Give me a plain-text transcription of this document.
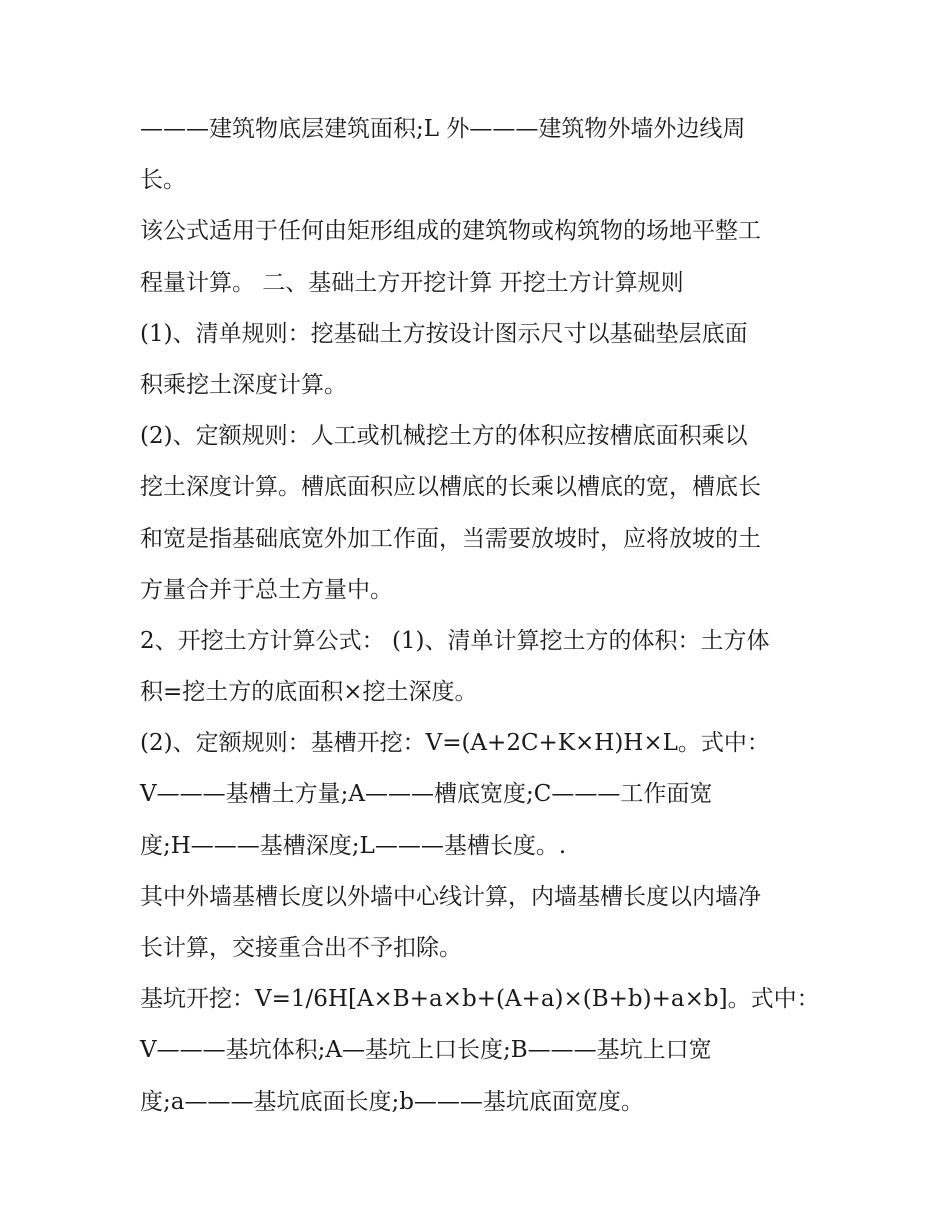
———建筑物底层建筑面积;L 外———建筑物外墙外边线周
长。
该公式适用于任何由矩形组成的建筑物或构筑物的场地平整工
程量计算。 二、基础土方开挖计算 开挖土方计算规则
(1)、清单规则：挖基础土方按设计图示尺寸以基础垫层底面
积乘挖土深度计算。
(2)、定额规则：人工或机械挖土方的体积应按槽底面积乘以
挖土深度计算。槽底面积应以槽底的长乘以槽底的宽，槽底长
和宽是指基础底宽外加工作面，当需要放坡时，应将放坡的土
方量合并于总土方量中。
2、开挖土方计算公式： (1)、清单计算挖土方的体积：土方体
积=挖土方的底面积×挖土深度。
(2)、定额规则：基槽开挖：V=(A+2C+K×H)H×L。式中：
V———基槽土方量;A———槽底宽度;C———工作面宽
度;H———基槽深度;L———基槽长度。.
其中外墙基槽长度以外墙中心线计算，内墙基槽长度以内墙净
长计算，交接重合出不予扣除。
基坑开挖：V=1/6H[A×B+a×b+(A+a)×(B+b)+a×b]。式中：
V———基坑体积;A—基坑上口长度;B———基坑上口宽
度;a———基坑底面长度;b———基坑底面宽度。
